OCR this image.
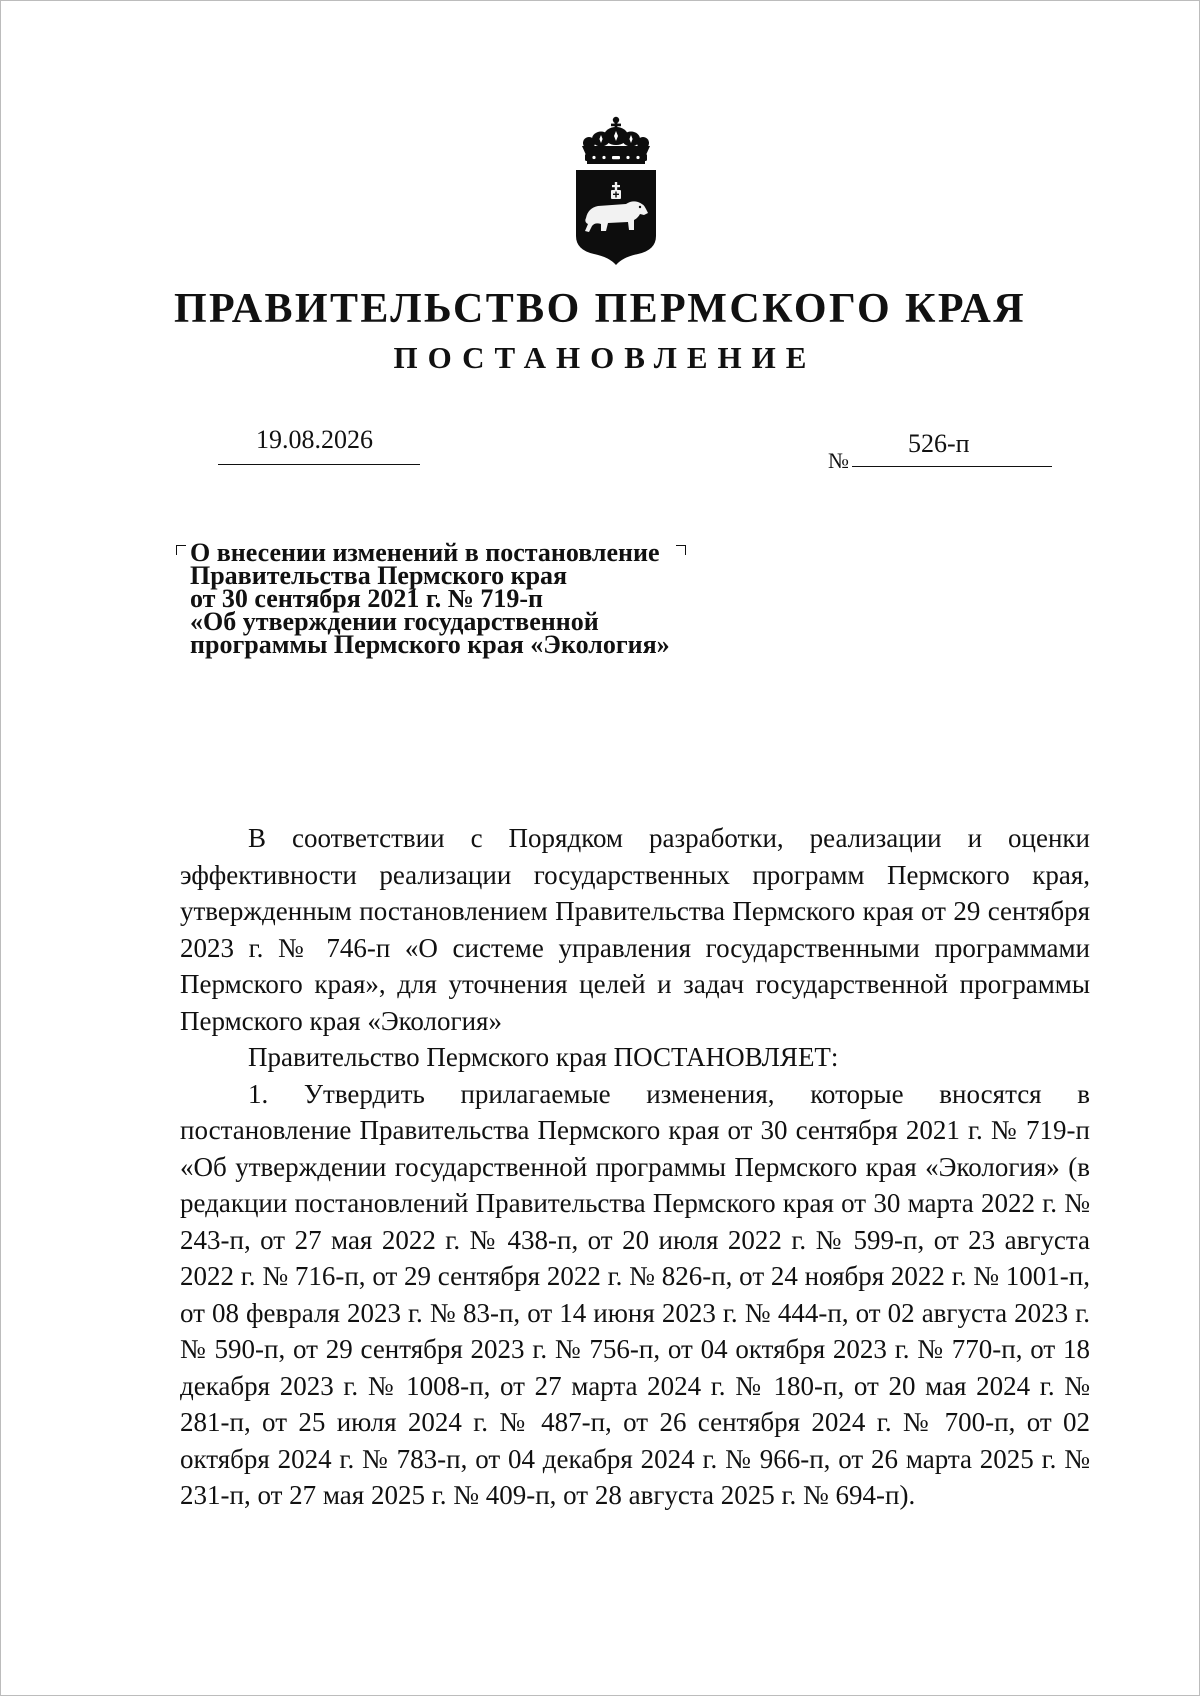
ПРАВИТЕЛЬСТВО ПЕРМСКОГО КРАЯ
ПОСТАНОВЛЕНИЕ
19.08.2026
№
526-п
О внесении изменений в постановление
Правительства Пермского края
от 30 сентября 2021 г. № 719-п
«Об утверждении государственной
программы Пермского края «Экология»

В соответствии с Порядком разработки, реализации и оценки эффективности реализации государственных программ Пермского края, утвержденным постановлением Правительства Пермского края от 29 сентября 2023 г. № 746-п «О системе управления государственными программами Пермского края», для уточнения целей и задач государственной программы Пермского края «Экология»

Правительство Пермского края ПОСТАНОВЛЯЕТ:

1. Утвердить прилагаемые изменения, которые вносятся в постановление Правительства Пермского края от 30 сентября 2021 г. № 719-п «Об утверждении государственной программы Пермского края «Экология» (в редакции постановлений Правительства Пермского края от 30 марта 2022 г. № 243-п, от 27 мая 2022 г. № 438-п, от 20 июля 2022 г. № 599-п, от 23 августа 2022 г. № 716-п, от 29 сентября 2022 г. № 826-п, от 24 ноября 2022 г. № 1001-п, от 08 февраля 2023 г. № 83-п, от 14 июня 2023 г. № 444-п, от 02 августа 2023 г. № 590-п, от 29 сентября 2023 г. № 756-п, от 04 октября 2023 г. № 770-п, от 18 декабря 2023 г. № 1008-п, от 27 марта 2024 г. № 180-п, от 20 мая 2024 г. № 281-п, от 25 июля 2024 г. № 487-п, от 26 сентября 2024 г. № 700-п, от 02 октября 2024 г. № 783-п, от 04 декабря 2024 г. № 966-п, от 26 марта 2025 г. № 231-п, от 27 мая 2025 г. № 409-п, от 28 августа 2025 г. № 694-п).
